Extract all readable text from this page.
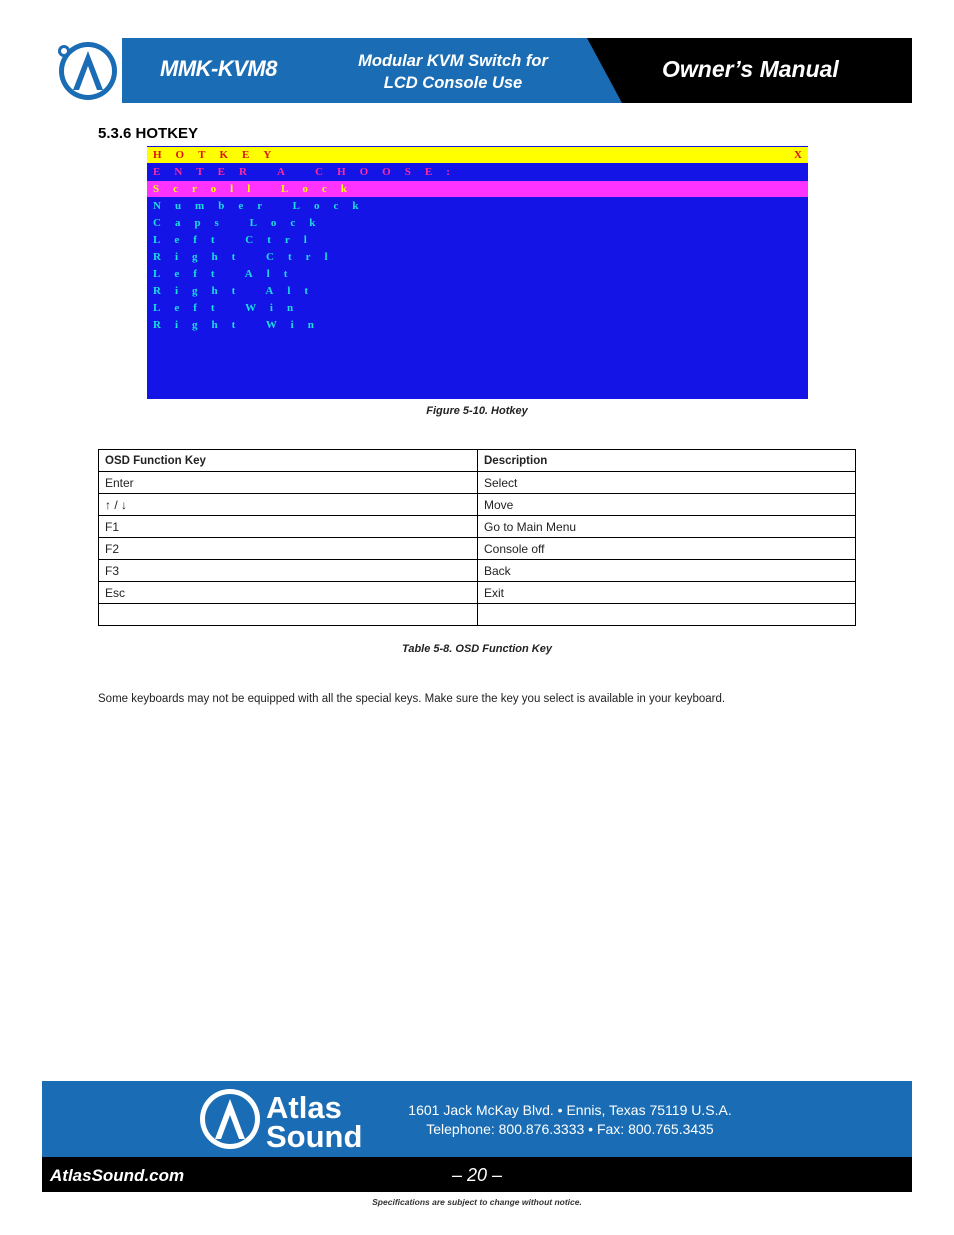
MMK-KVM8	Modular KVM Switch for
LCD Console Use
Owner’s Manual
5.3.6 HOTKEY
HOTKEY	X
ENTER A CHOOSE:
Scroll Lock
Number Lock
Caps Lock
Left Ctrl
Right Ctrl
Left Alt
Right Alt
Left Win
Right Win
Figure 5-10. Hotkey
OSD Function Key	Description
Enter	Select
↑ / ↓	Move
F1	Go to Main Menu
F2	Console off
F3	Back
Esc	Exit

Table 5-8. OSD Function Key
Some keyboards may not be equipped with all the special keys. Make sure the key you select is available in your keyboard.
Atlas
Sound
1601 Jack McKay Blvd. • Ennis, Texas 75119 U.S.A.
Telephone: 800.876.3333 • Fax: 800.765.3435
AtlasSound.com	– 20 –
Specifications are subject to change without notice.
